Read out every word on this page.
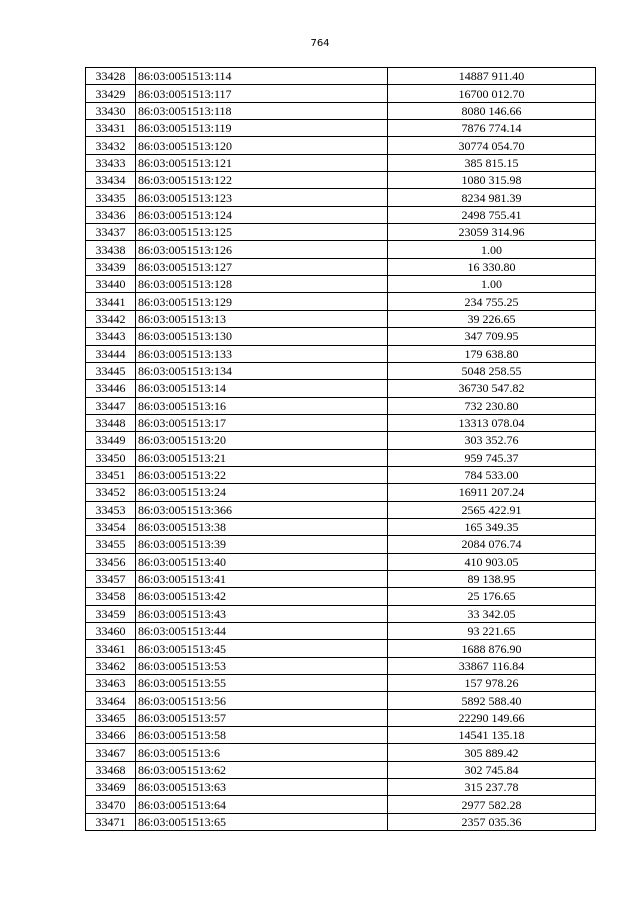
764
33428	86:03:0051513:114	14887 911.40
33429	86:03:0051513:117	16700 012.70
33430	86:03:0051513:118	8080 146.66
33431	86:03:0051513:119	7876 774.14
33432	86:03:0051513:120	30774 054.70
33433	86:03:0051513:121	385 815.15
33434	86:03:0051513:122	1080 315.98
33435	86:03:0051513:123	8234 981.39
33436	86:03:0051513:124	2498 755.41
33437	86:03:0051513:125	23059 314.96
33438	86:03:0051513:126	1.00
33439	86:03:0051513:127	16 330.80
33440	86:03:0051513:128	1.00
33441	86:03:0051513:129	234 755.25
33442	86:03:0051513:13	39 226.65
33443	86:03:0051513:130	347 709.95
33444	86:03:0051513:133	179 638.80
33445	86:03:0051513:134	5048 258.55
33446	86:03:0051513:14	36730 547.82
33447	86:03:0051513:16	732 230.80
33448	86:03:0051513:17	13313 078.04
33449	86:03:0051513:20	303 352.76
33450	86:03:0051513:21	959 745.37
33451	86:03:0051513:22	784 533.00
33452	86:03:0051513:24	16911 207.24
33453	86:03:0051513:366	2565 422.91
33454	86:03:0051513:38	165 349.35
33455	86:03:0051513:39	2084 076.74
33456	86:03:0051513:40	410 903.05
33457	86:03:0051513:41	89 138.95
33458	86:03:0051513:42	25 176.65
33459	86:03:0051513:43	33 342.05
33460	86:03:0051513:44	93 221.65
33461	86:03:0051513:45	1688 876.90
33462	86:03:0051513:53	33867 116.84
33463	86:03:0051513:55	157 978.26
33464	86:03:0051513:56	5892 588.40
33465	86:03:0051513:57	22290 149.66
33466	86:03:0051513:58	14541 135.18
33467	86:03:0051513:6	305 889.42
33468	86:03:0051513:62	302 745.84
33469	86:03:0051513:63	315 237.78
33470	86:03:0051513:64	2977 582.28
33471	86:03:0051513:65	2357 035.36
